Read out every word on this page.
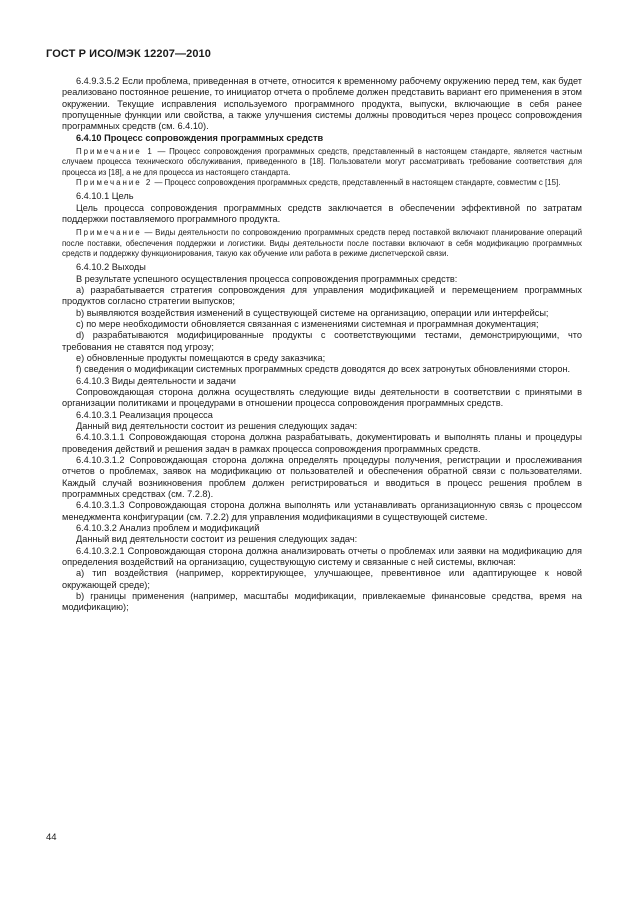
ГОСТ Р ИСО/МЭК 12207—2010

6.4.9.3.5.2 Если проблема, приведенная в отчете, относится к временному рабочему окружению перед тем, как будет реализовано постоянное решение, то инициатор отчета о проблеме должен представить вариант его применения в этом окружении. Текущие исправления используемого программного продукта, выпуски, включающие в себя ранее пропущенные функции или свойства, а также улучшения системы должны проводиться через процесс сопровождения программных средств (см. 6.4.10).

6.4.10 Процесс сопровождения программных средств

Примечание 1 — Процесс сопровождения программных средств, представленный в настоящем стандарте, является частным случаем процесса технического обслуживания, приведенного в [18]. Пользователи могут рассматривать требование соответствия для процесса из [18], а не для процесса из настоящего стандарта.

Примечание 2 — Процесс сопровождения программных средств, представленный в настоящем стандарте, совместим с [15].

6.4.10.1 Цель

Цель процесса сопровождения программных средств заключается в обеспечении эффективной по затратам поддержки поставляемого программного продукта.

Примечание — Виды деятельности по сопровождению программных средств перед поставкой включают планирование операций после поставки, обеспечения поддержки и логистики. Виды деятельности после поставки включают в себя модификацию программных средств и поддержку функционирования, такую как обучение или работа в режиме диспетчерской связи.

6.4.10.2 Выходы

В результате успешного осуществления процесса сопровождения программных средств:

а) разрабатывается стратегия сопровождения для управления модификацией и перемещением программных продуктов согласно стратегии выпусков;

b) выявляются воздействия изменений в существующей системе на организацию, операции или интерфейсы;

c) по мере необходимости обновляется связанная с изменениями системная и программная документация;

d) разрабатываются модифицированные продукты с соответствующими тестами, демонстрирующими, что требования не ставятся под угрозу;

e) обновленные продукты помещаются в среду заказчика;

f) сведения о модификации системных программных средств доводятся до всех затронутых обновлениями сторон.

6.4.10.3 Виды деятельности и задачи

Сопровождающая сторона должна осуществлять следующие виды деятельности в соответствии с принятыми в организации политиками и процедурами в отношении процесса сопровождения программных средств.

6.4.10.3.1 Реализация процесса

Данный вид деятельности состоит из решения следующих задач:

6.4.10.3.1.1 Сопровождающая сторона должна разрабатывать, документировать и выполнять планы и процедуры проведения действий и решения задач в рамках процесса сопровождения программных средств.

6.4.10.3.1.2 Сопровождающая сторона должна определять процедуры получения, регистрации и прослеживания отчетов о проблемах, заявок на модификацию от пользователей и обеспечения обратной связи с пользователями. Каждый случай возникновения проблем должен регистрироваться и вводиться в процесс решения проблем в программных средствах (см. 7.2.8).

6.4.10.3.1.3 Сопровождающая сторона должна выполнять или устанавливать организационную связь с процессом менеджмента конфигурации (см. 7.2.2) для управления модификациями в существующей системе.

6.4.10.3.2 Анализ проблем и модификаций

Данный вид деятельности состоит из решения следующих задач:

6.4.10.3.2.1 Сопровождающая сторона должна анализировать отчеты о проблемах или заявки на модификацию для определения воздействий на организацию, существующую систему и связанные с ней системы, включая:

а) тип воздействия (например, корректирующее, улучшающее, превентивное или адаптирующее к новой окружающей среде);

b) границы применения (например, масштабы модификации, привлекаемые финансовые средства, время на модификацию);

44
